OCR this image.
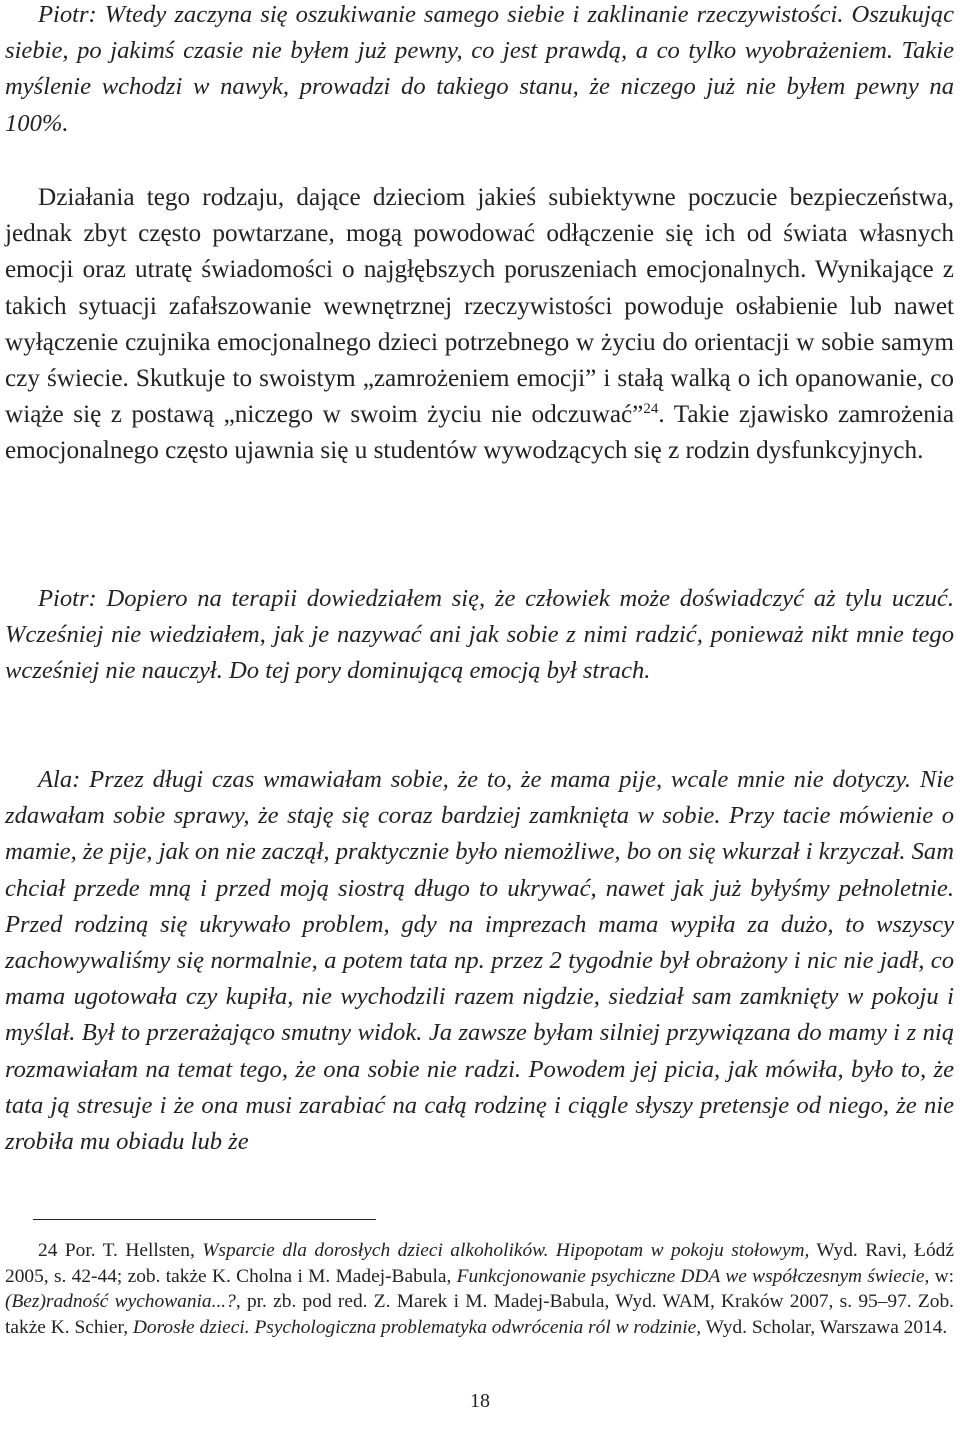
Piotr: Wtedy zaczyna się oszukiwanie samego siebie i zaklinanie rzeczywistości. Oszukując siebie, po jakimś czasie nie byłem już pewny, co jest prawdą, a co tylko wyobrażeniem. Takie myślenie wchodzi w nawyk, prowadzi do takiego stanu, że niczego już nie byłem pewny na 100%.

Działania tego rodzaju, dające dzieciom jakieś subiektywne poczucie bezpieczeństwa, jednak zbyt często powtarzane, mogą powodować odłączenie się ich od świata własnych emocji oraz utratę świadomości o najgłębszych poruszeniach emocjonalnych. Wynikające z takich sytuacji zafałszowanie wewnętrznej rzeczywistości powoduje osłabienie lub nawet wyłączenie czujnika emocjonalnego dzieci potrzebnego w życiu do orientacji w sobie samym czy świecie. Skutkuje to swoistym „zamrożeniem emocji” i stałą walką o ich opanowanie, co wiąże się z postawą „niczego w swoim życiu nie odczuwać”$^{24}$. Takie zjawisko zamrożenia emocjonalnego często ujawnia się u studentów wywodzących się z rodzin dysfunkcyjnych.

Piotr: Dopiero na terapii dowiedziałem się, że człowiek może doświadczyć aż tylu uczuć. Wcześniej nie wiedziałem, jak je nazywać ani jak sobie z nimi radzić, ponieważ nikt mnie tego wcześniej nie nauczył. Do tej pory dominującą emocją był strach.

Ala: Przez długi czas wmawiałam sobie, że to, że mama pije, wcale mnie nie dotyczy. Nie zdawałam sobie sprawy, że staję się coraz bardziej zamknięta w sobie. Przy tacie mówienie o mamie, że pije, jak on nie zaczął, praktycznie było niemożliwe, bo on się wkurzał i krzyczał. Sam chciał przede mną i przed moją siostrą długo to ukrywać, nawet jak już byłyśmy pełnoletnie. Przed rodziną się ukrywało problem, gdy na imprezach mama wypiła za dużo, to wszyscy zachowywaliśmy się normalnie, a potem tata np. przez 2 tygodnie był obrażony i nic nie jadł, co mama ugotowała czy kupiła, nie wychodzili razem nigdzie, siedział sam zamknięty w pokoju i myślał. Był to przerażająco smutny widok. Ja zawsze byłam silniej przywiązana do mamy i z nią rozmawiałam na temat tego, że ona sobie nie radzi. Powodem jej picia, jak mówiła, było to, że tata ją stresuje i że ona musi zarabiać na całą rodzinę i ciągle słyszy pretensje od niego, że nie zrobiła mu obiadu lub że

24 Por. T. Hellsten, Wsparcie dla dorosłych dzieci alkoholików. Hipopotam w pokoju stołowym, Wyd. Ravi, Łódź 2005, s. 42-44; zob. także K. Cholna i M. Madej-Babula, Funkcjonowanie psychiczne DDA we współczesnym świecie, w: (Bez)radność wychowania...?, pr. zb. pod red. Z. Marek i M. Madej-Babula, Wyd. WAM, Kraków 2007, s. 95–97. Zob. także K. Schier, Dorosłe dzieci. Psychologiczna problematyka odwrócenia ról w rodzinie, Wyd. Scholar, Warszawa 2014.

18
